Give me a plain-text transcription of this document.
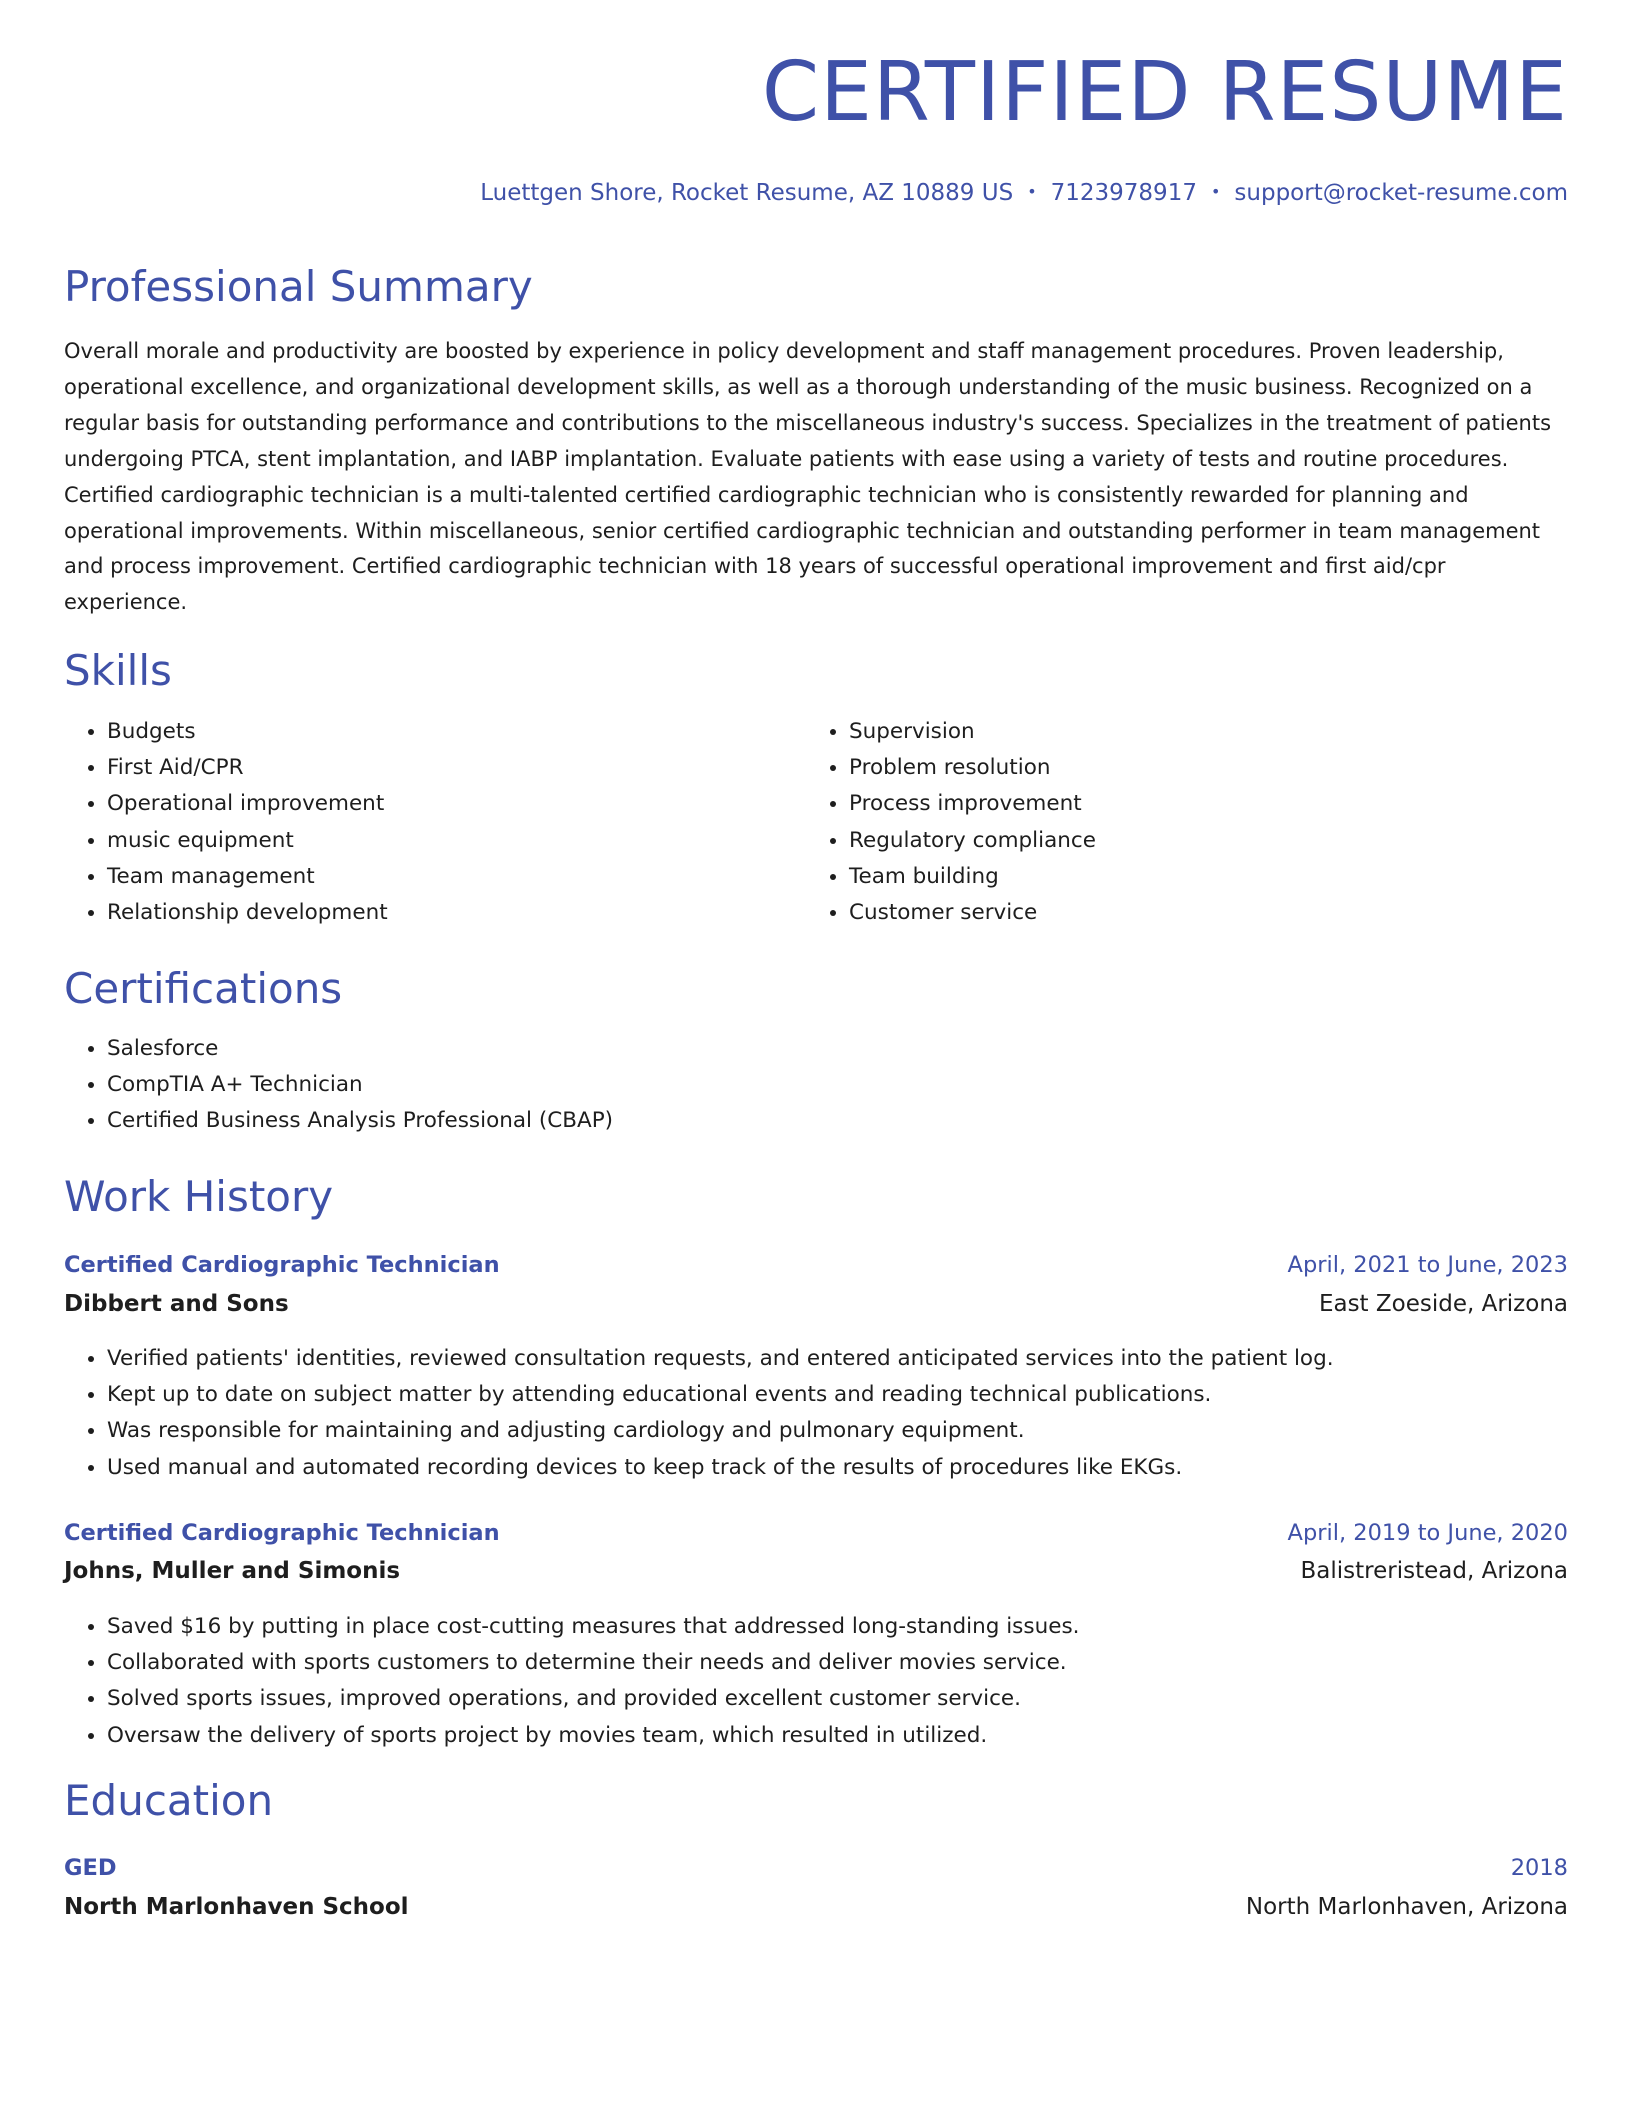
CERTIFIED RESUME
Luettgen Shore, Rocket Resume, AZ 10889 US • 7123978917 • support@rocket-resume.com
Professional Summary

Overall morale and productivity are boosted by experience in policy development and staff management procedures. Proven leadership, operational excellence, and organizational development skills, as well as a thorough understanding of the music business. Recognized on a regular basis for outstanding performance and contributions to the miscellaneous industry's success. Specializes in the treatment of patients undergoing PTCA, stent implantation, and IABP implantation. Evaluate patients with ease using a variety of tests and routine procedures. Certified cardiographic technician is a multi-talented certified cardiographic technician who is consistently rewarded for planning and operational improvements. Within miscellaneous, senior certified cardiographic technician and outstanding performer in team management and process improvement. Certified cardiographic technician with 18 years of successful operational improvement and first aid/cpr experience.

Skills
• Budgets
• First Aid/CPR
• Operational improvement
• music equipment
• Team management
• Relationship development
• Supervision
• Problem resolution
• Process improvement
• Regulatory compliance
• Team building
• Customer service
Certifications
• Salesforce
• CompTIA A+ Technician
• Certified Business Analysis Professional (CBAP)
Work History
Certified Cardiographic Technician	April, 2021 to June, 2023
Dibbert and Sons	East Zoeside, Arizona
• Verified patients' identities, reviewed consultation requests, and entered anticipated services into the patient log.
• Kept up to date on subject matter by attending educational events and reading technical publications.
• Was responsible for maintaining and adjusting cardiology and pulmonary equipment.
• Used manual and automated recording devices to keep track of the results of procedures like EKGs.
Certified Cardiographic Technician	April, 2019 to June, 2020
Johns, Muller and Simonis	Balistreristead, Arizona
• Saved $16 by putting in place cost-cutting measures that addressed long-standing issues.
• Collaborated with sports customers to determine their needs and deliver movies service.
• Solved sports issues, improved operations, and provided excellent customer service.
• Oversaw the delivery of sports project by movies team, which resulted in utilized.
Education
GED	2018
North Marlonhaven School	North Marlonhaven, Arizona
